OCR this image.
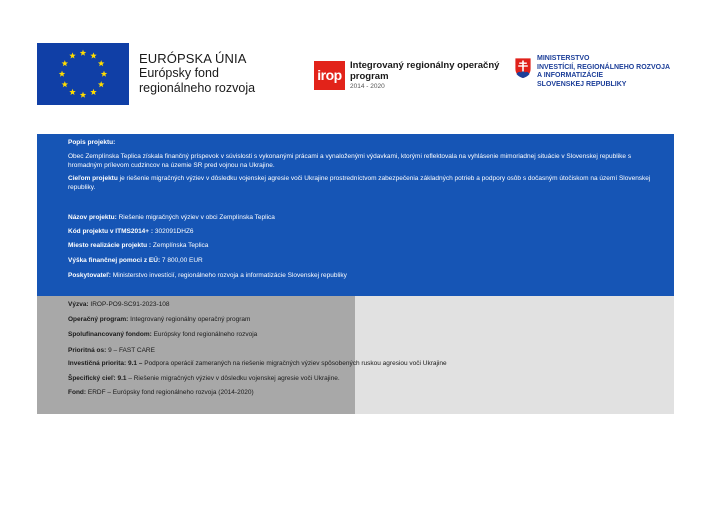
EURÓPSKA ÚNIA
Európsky fond
regionálneho rozvoja
irop
Integrovaný regionálny operačný program
2014 - 2020
MINISTERSTVO
INVESTÍCIÍ, REGIONÁLNEHO ROZVOJA
A INFORMATIZÁCIE
SLOVENSKEJ REPUBLIKY
Popis projektu:
Obec Zemplínska Teplica získala finančný príspevok v súvislosti s vykonanými prácami a vynaloženými výdavkami, ktorými reflektovala na vyhlásenie mimoriadnej situácie v Slovenskej republike s hromadným prílevom cudzincov na územie SR pred vojnou na Ukrajine.
Cieľom projektu je riešenie migračných výziev v dôsledku vojenskej agresie voči Ukrajine prostredníctvom zabezpečenia základných potrieb a podpory osôb s dočasným útočiskom na území Slovenskej republiky.
Názov projektu: Riešenie migračných výziev v obci Zemplínska Teplica
Kód projektu v ITMS2014+ : 302091DHZ6
Miesto realizácie projektu : Zemplínska Teplica
Výška finančnej pomoci z EÚ: 7 800,00 EUR
Poskytovateľ: Ministerstvo investícií, regionálneho rozvoja a informatizácie Slovenskej republiky
Výzva: IROP-PO9-SC91-2023-108
Operačný program: Integrovaný regionálny operačný program
Spolufinancovaný fondom: Európsky fond regionálneho rozvoja
Prioritná os: 9 – FAST CARE
Investičná priorita: 9.1 – Podpora operácií zameraných na riešenie migračných výziev spôsobených ruskou agresiou voči Ukrajine
Špecifický cieľ: 9.1 – Riešenie migračných výziev v dôsledku vojenskej agresie voči Ukrajine.
Fond: ERDF – Európsky fond regionálneho rozvoja (2014-2020)
